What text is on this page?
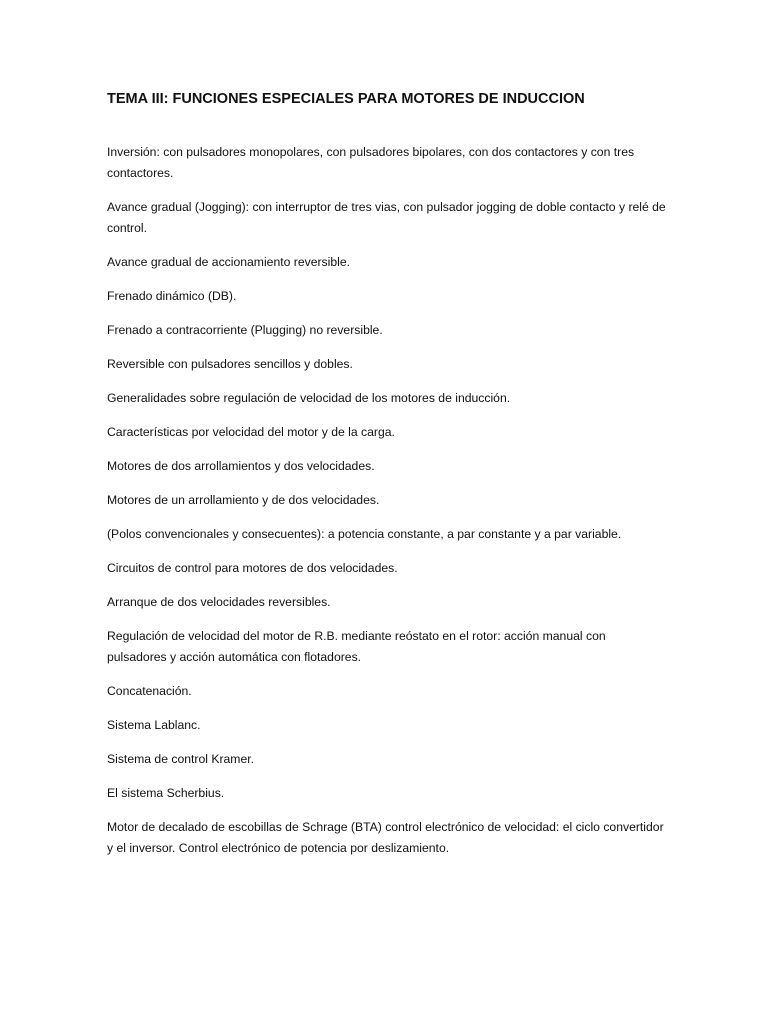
TEMA III: FUNCIONES ESPECIALES PARA MOTORES DE INDUCCION
Inversión: con pulsadores monopolares, con pulsadores bipolares, con dos contactores y con tres contactores.
Avance gradual (Jogging): con interruptor de tres vias, con pulsador jogging de doble contacto y relé de control.
Avance gradual de accionamiento reversible.
Frenado dinámico (DB).
Frenado a contracorriente (Plugging) no reversible.
Reversible con pulsadores sencillos y dobles.
Generalidades sobre regulación de velocidad de los motores de inducción.
Características por velocidad del motor y de la carga.
Motores de dos arrollamientos y dos velocidades.
Motores de un arrollamiento y de dos velocidades.
(Polos convencionales y consecuentes): a potencia constante, a par constante y a par variable.
Circuitos de control para motores de dos velocidades.
Arranque de dos velocidades reversibles.
Regulación de velocidad del motor de R.B. mediante reóstato en el rotor: acción manual con pulsadores y acción automática con flotadores.
Concatenación.
Sistema Lablanc.
Sistema de control Kramer.
El sistema Scherbius.
Motor de decalado de escobillas de Schrage (BTA) control electrónico de velocidad: el ciclo convertidor y el inversor. Control electrónico de potencia por deslizamiento.
